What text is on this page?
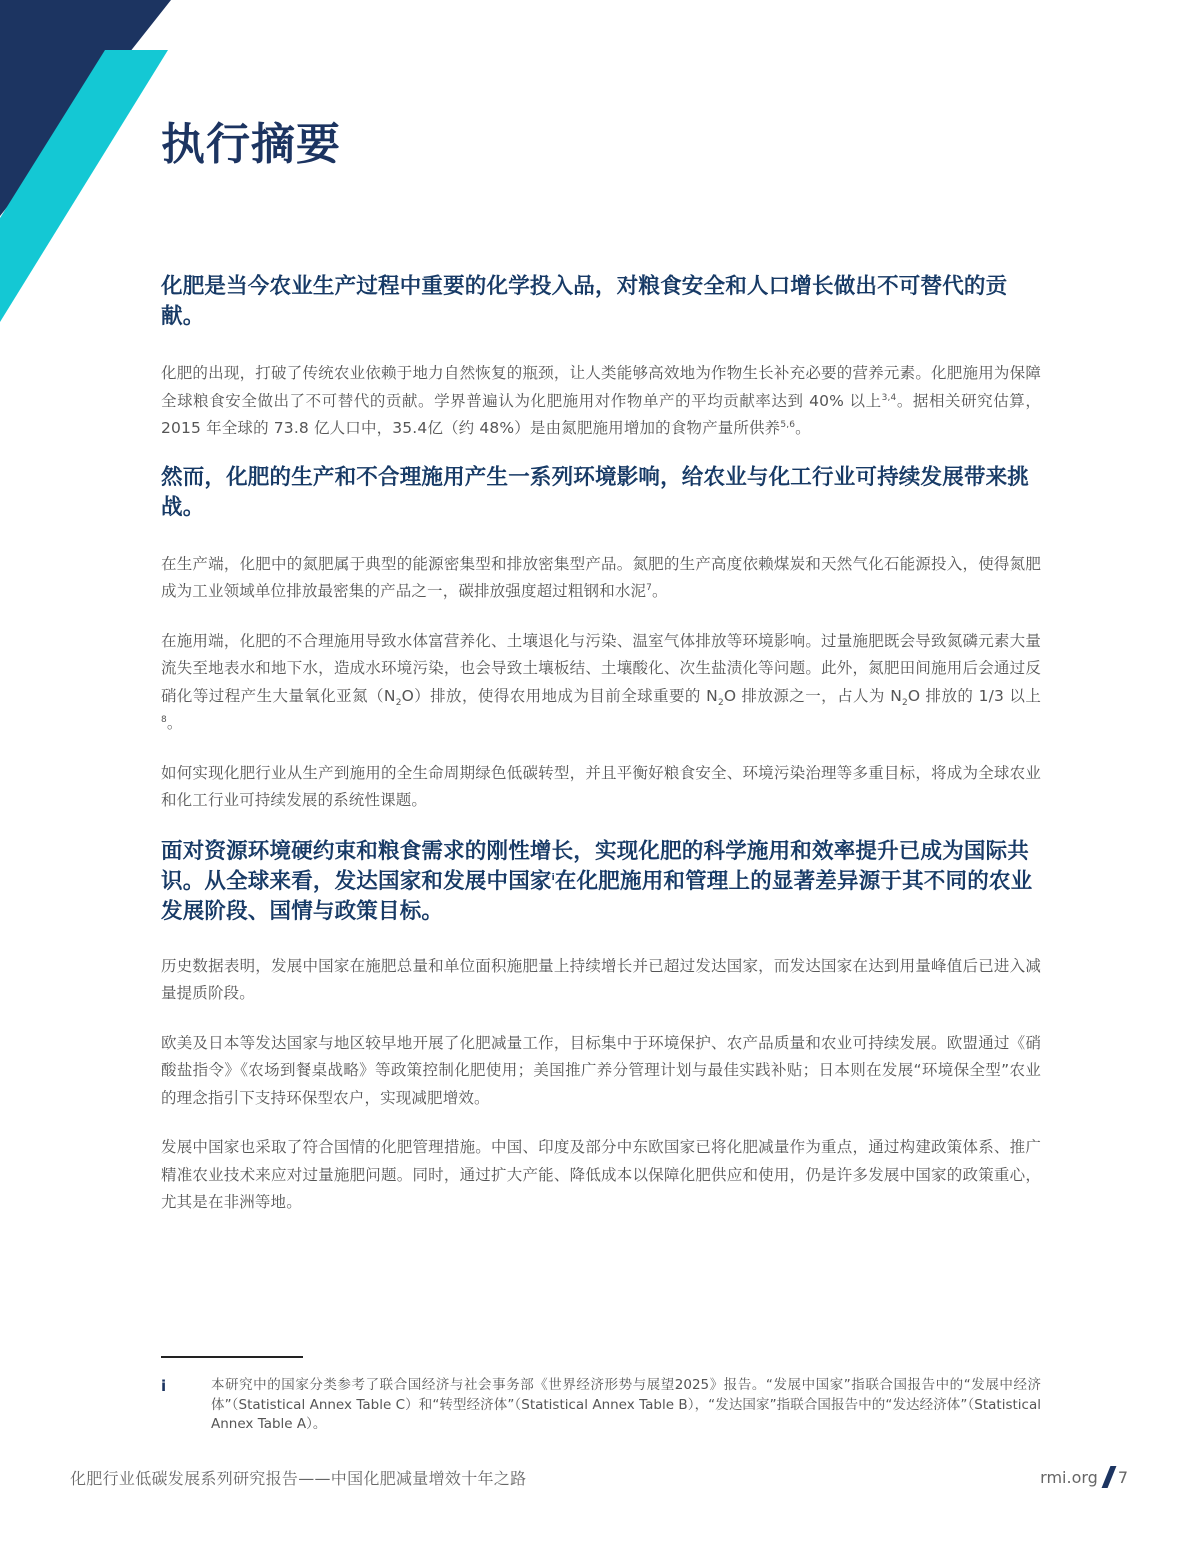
执行摘要
化肥是当今农业生产过程中重要的化学投入品，对粮食安全和人口增长做出不可替代的贡献。

化肥的出现，打破了传统农业依赖于地力自然恢复的瓶颈，让人类能够高效地为作物生长补充必要的营养元素。化肥施用为保障全球粮食安全做出了不可替代的贡献。学界普遍认为化肥施用对作物单产的平均贡献率达到 40% 以上$^{3,4}$。据相关研究估算，2015 年全球的 73.8 亿人口中，35.4亿（约 48%）是由氮肥施用增加的食物产量所供养$^{5,6}$。

然而，化肥的生产和不合理施用产生一系列环境影响，给农业与化工行业可持续发展带来挑战。

在生产端，化肥中的氮肥属于典型的能源密集型和排放密集型产品。氮肥的生产高度依赖煤炭和天然气化石能源投入，使得氮肥成为工业领域单位排放最密集的产品之一，碳排放强度超过粗钢和水泥$^7$。

在施用端，化肥的不合理施用导致水体富营养化、土壤退化与污染、温室气体排放等环境影响。过量施肥既会导致氮磷元素大量流失至地表水和地下水，造成水环境污染，也会导致土壤板结、土壤酸化、次生盐渍化等问题。此外，氮肥田间施用后会通过反硝化等过程产生大量氧化亚氮$(N_2O)$排放，使得农用地成为目前全球重要的 $N_2O$ 排放源之一，占人为 $N_2O$ 排放的 1/3 以上$^8$。

如何实现化肥行业从生产到施用的全生命周期绿色低碳转型，并且平衡好粮食安全、环境污染治理等多重目标，将成为全球农业和化工行业可持续发展的系统性课题。

面对资源环境硬约束和粮食需求的刚性增长，实现化肥的科学施用和效率提升已成为国际共识。从全球来看，发达国家和发展中国家$^i$在化肥施用和管理上的显著差异源于其不同的农业发展阶段、国情与政策目标。

历史数据表明，发展中国家在施肥总量和单位面积施肥量上持续增长并已超过发达国家，而发达国家在达到用量峰值后已进入减量提质阶段。

欧美及日本等发达国家与地区较早地开展了化肥减量工作，目标集中于环境保护、农产品质量和农业可持续发展。欧盟通过《硝酸盐指令》《农场到餐桌战略》等政策控制化肥使用；美国推广养分管理计划与最佳实践补贴；日本则在发展“环境保全型”农业的理念指引下支持环保型农户，实现减肥增效。

发展中国家也采取了符合国情的化肥管理措施。中国、印度及部分中东欧国家已将化肥减量作为重点，通过构建政策体系、推广精准农业技术来应对过量施肥问题。同时，通过扩大产能、降低成本以保障化肥供应和使用，仍是许多发展中国家的政策重心，尤其是在非洲等地。

i	本研究中的国家分类参考了联合国经济与社会事务部《世界经济形势与展望2025》报告。“发展中国家”指联合国报告中的“发展中经济体”（Statistical Annex Table C）和“转型经济体”（Statistical Annex Table B），“发达国家”指联合国报告中的“发达经济体”（Statistical Annex Table A）。
化肥行业低碳发展系列研究报告——中国化肥减量增效十年之路	rmi.org 7
